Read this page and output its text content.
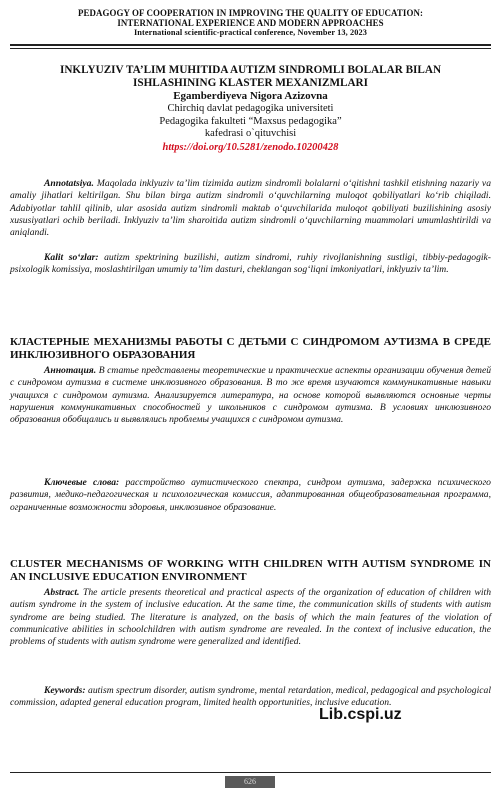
PEDAGOGY OF COOPERATION IN IMPROVING THE QUALITY OF EDUCATION:
INTERNATIONAL EXPERIENCE AND MODERN APPROACHES
International scientific-practical conference, November 13, 2023
INKLYUZIV TA’LIM MUHITIDA AUTIZM SINDROMLI BOLALAR BILAN
ISHLASHINING KLASTER MEXANIZMLARI
Egamberdiyeva Nigora Azizovna
Chirchiq davlat pedagogika universiteti
Pedagogika fakulteti “Maxsus pedagogika”
kafedrasi o`qituvchisi
https://doi.org/10.5281/zenodo.10200428
Annotatsiya. Maqolada inklyuziv ta’lim tizimida autizm sindromli bolalarni o‘qitishni tashkil etishning nazariy va amaliy jihatlari keltirilgan. Shu bilan birga autizm sindromli o‘quvchilarning muloqot qobiliyatlari ko‘rib chiqiladi. Adabiyotlar tahlil qilinib, ular asosida autizm sindromli maktab o‘quvchilarida muloqot qobiliyati buzilishining asosiy xususiyatlari ochib beriladi. Inklyuziv ta’lim sharoitida autizm sindromli o‘quvchilarning muammolari umumlashtirildi va aniqlandi.
Kalit so‘zlar: autizm spektrining buzilishi, autizm sindromi, ruhiy rivojlanishning sustligi, tibbiy-pedagogik-psixologik komissiya, moslashtirilgan umumiy ta’lim dasturi, cheklangan sog‘liqni imkoniyatlari, inklyuziv ta’lim.
КЛАСТЕРНЫЕ МЕХАНИЗМЫ РАБОТЫ С ДЕТЬМИ С СИНДРОМОМ АУТИЗМА В СРЕДЕ ИНКЛЮЗИВНОГО ОБРАЗОВАНИЯ
Аннотация. В статье представлены теоретические и практические аспекты организации обучения детей с синдромом аутизма в системе инклюзивного образования. В то же время изучаются коммуникативные навыки учащихся с синдромом аутизма. Анализируется литература, на основе которой выявляются основные черты нарушения коммуникативных способностей у школьников с синдромом аутизма. В условиях инклюзивного образования обобщались и выявлялись проблемы учащихся с синдромом аутизма.
Ключевые слова: расстройство аутистического спектра, синдром аутизма, задержка психического развития, медико-педагогическая и психологическая комиссия, адаптированная общеобразовательная программа, ограниченные возможности здоровья, инклюзивное образование.
CLUSTER MECHANISMS OF WORKING WITH CHILDREN WITH AUTISM SYNDROME IN AN INCLUSIVE EDUCATION ENVIRONMENT
Abstract. The article presents theoretical and practical aspects of the organization of education of children with autism syndrome in the system of inclusive education. At the same time, the communication skills of students with autism syndrome are being studied. The literature is analyzed, on the basis of which the main features of the violation of communicative abilities in schoolchildren with autism syndrome are revealed. In the context of inclusive education, the problems of students with autism syndrome were generalized and identified.
Keywords: autism spectrum disorder, autism syndrome, mental retardation, medical, pedagogical and psychological commission, adapted general education program, limited health opportunities, inclusive education.
Lib.cspi.uz
626
